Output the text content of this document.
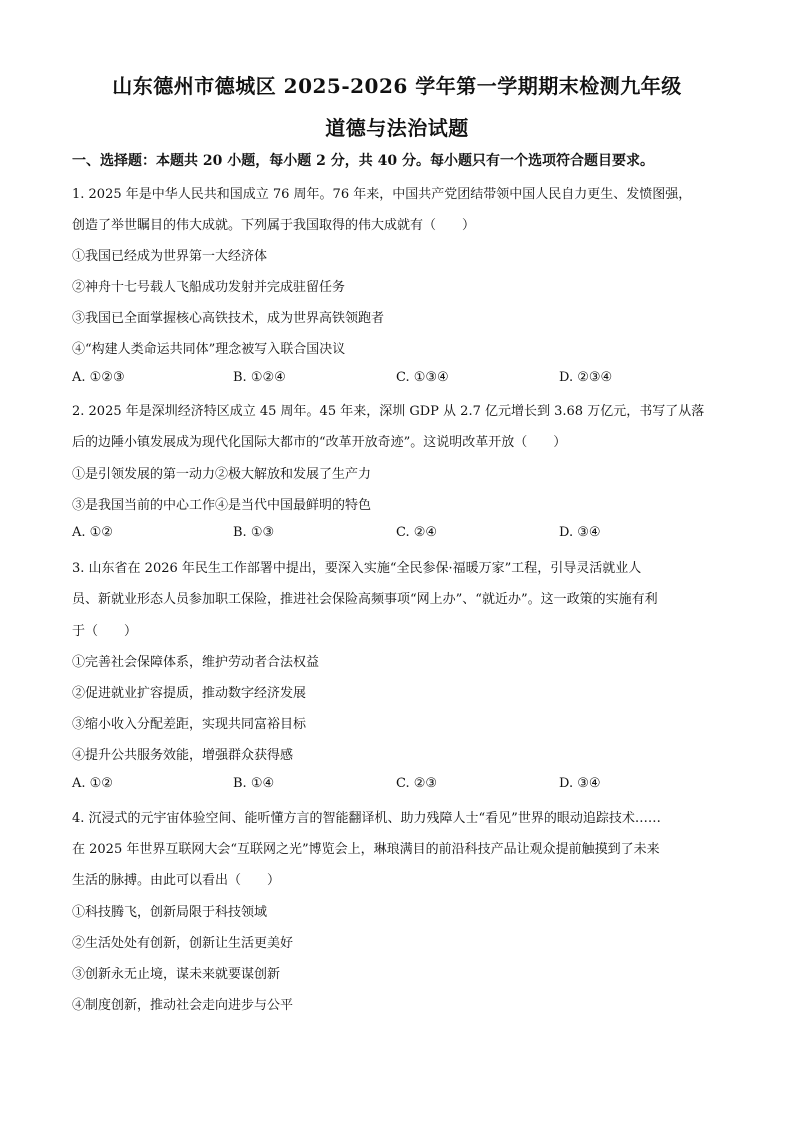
山东德州市德城区 2025-2026 学年第一学期期末检测九年级
道德与法治试题
一、选择题：本题共 20 小题，每小题 2 分，共 40 分。每小题只有一个选项符合题目要求。
1. 2025 年是中华人民共和国成立 76 周年。76 年来，中国共产党团结带领中国人民自力更生、发愤图强，
创造了举世瞩目的伟大成就。下列属于我国取得的伟大成就有（　　）
①我国已经成为世界第一大经济体
②神舟十七号载人飞船成功发射并完成驻留任务
③我国已全面掌握核心高铁技术，成为世界高铁领跑者
④“构建人类命运共同体”理念被写入联合国决议
A. ①②③	B. ①②④	C. ①③④	D. ②③④
2. 2025 年是深圳经济特区成立 45 周年。45 年来，深圳 GDP 从 2.7 亿元增长到 3.68 万亿元，书写了从落
后的边陲小镇发展成为现代化国际大都市的“改革开放奇迹”。这说明改革开放（　　）
①是引领发展的第一动力②极大解放和发展了生产力
③是我国当前的中心工作④是当代中国最鲜明的特色
A. ①②	B. ①③	C. ②④	D. ③④
3. 山东省在 2026 年民生工作部署中提出，要深入实施“全民参保·福暖万家”工程，引导灵活就业人
员、新就业形态人员参加职工保险，推进社会保险高频事项“网上办”、“就近办”。这一政策的实施有利
于（　　）
①完善社会保障体系，维护劳动者合法权益
②促进就业扩容提质，推动数字经济发展
③缩小收入分配差距，实现共同富裕目标
④提升公共服务效能，增强群众获得感
A. ①②	B. ①④	C. ②③	D. ③④
4. 沉浸式的元宇宙体验空间、能听懂方言的智能翻译机、助力残障人士“看见”世界的眼动追踪技术……
在 2025 年世界互联网大会“互联网之光”博览会上，琳琅满目的前沿科技产品让观众提前触摸到了未来
生活的脉搏。由此可以看出（　　）
①科技腾飞，创新局限于科技领域
②生活处处有创新，创新让生活更美好
③创新永无止境，谋未来就要谋创新
④制度创新，推动社会走向进步与公平
